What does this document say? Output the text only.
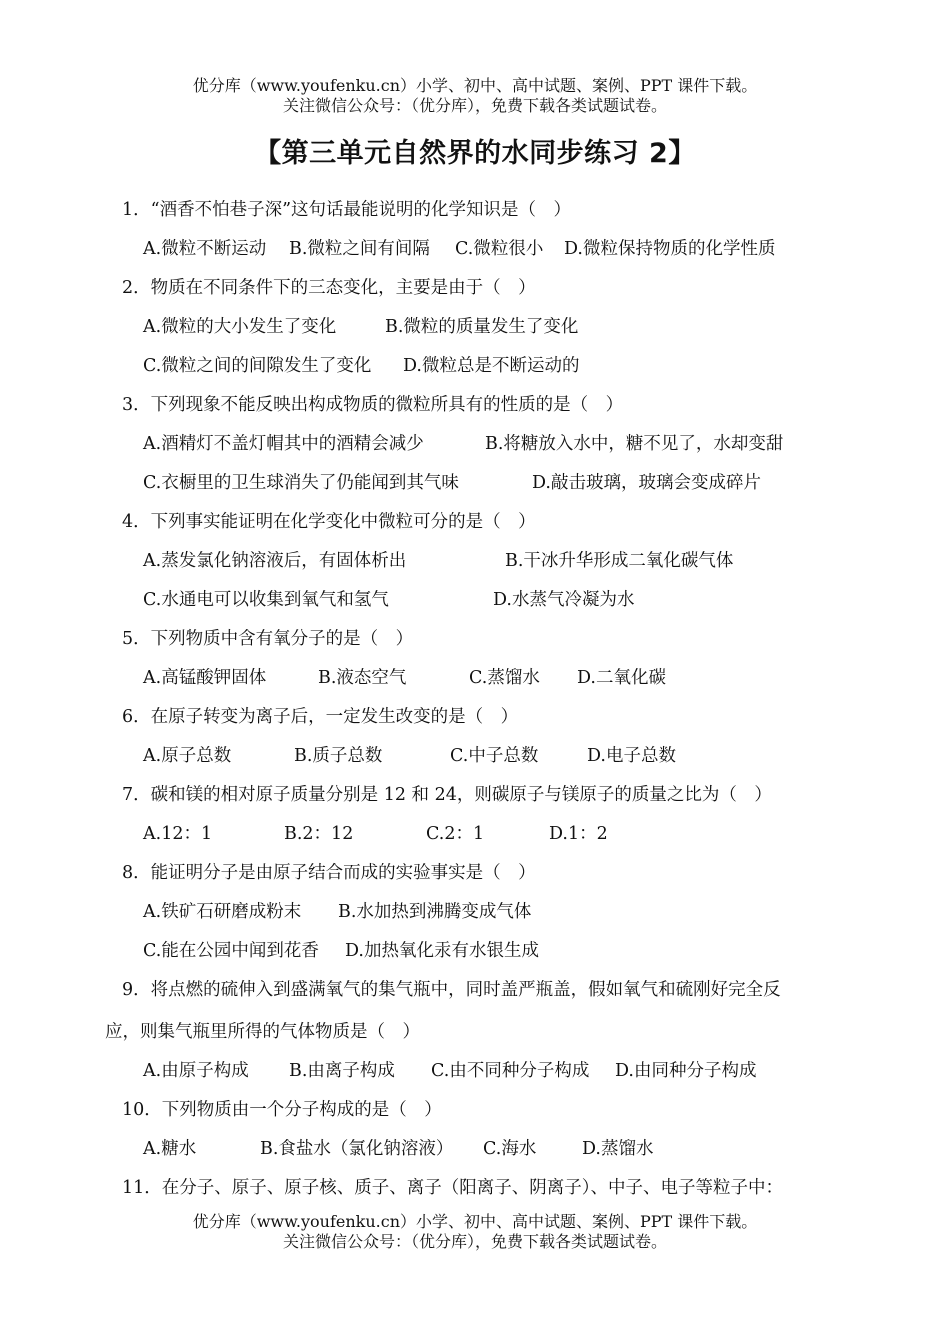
优分库（www.youfenku.cn）小学、初中、高中试题、案例、PPT 课件下载。
关注微信公众号：（优分库），免费下载各类试题试卷。
【第三单元自然界的水同步练习 2】
1．“酒香不怕巷子深”这句话最能说明的化学知识是（　）
A.微粒不断运动 B.微粒之间有间隔 C.微粒很小 D.微粒保持物质的化学性质
2．物质在不同条件下的三态变化，主要是由于（　）
A.微粒的大小发生了变化	B.微粒的质量发生了变化
C.微粒之间的间隙发生了变化 D.微粒总是不断运动的
3．下列现象不能反映出构成物质的微粒所具有的性质的是（　）
A.酒精灯不盖灯帽其中的酒精会减少	B.将糖放入水中，糖不见了，水却变甜
C.衣橱里的卫生球消失了仍能闻到其气味	D.敲击玻璃，玻璃会变成碎片
4．下列事实能证明在化学变化中微粒可分的是（　）
A.蒸发氯化钠溶液后，有固体析出	B.干冰升华形成二氧化碳气体
C.水通电可以收集到氧气和氢气	D.水蒸气冷凝为水
5．下列物质中含有氧分子的是（　）
A.高锰酸钾固体	B.液态空气	C.蒸馏水 D.二氧化碳
6．在原子转变为离子后，一定发生改变的是（　）
A.原子总数	B.质子总数	C.中子总数	D.电子总数
7．碳和镁的相对原子质量分别是 12 和 24，则碳原子与镁原子的质量之比为（　）
A.12：1	B.2：12	C.2：1	D.1：2
8．能证明分子是由原子结合而成的实验事实是（　）
A.铁矿石研磨成粉末 B.水加热到沸腾变成气体
C.能在公园中闻到花香 D.加热氧化汞有水银生成
9．将点燃的硫伸入到盛满氧气的集气瓶中，同时盖严瓶盖，假如氧气和硫刚好完全反
应，则集气瓶里所得的气体物质是（　）
A.由原子构成 B.由离子构成 C.由不同种分子构成 D.由同种分子构成
10．下列物质由一个分子构成的是（　）
A.糖水	B.食盐水（氯化钠溶液） C.海水	D.蒸馏水
11．在分子、原子、原子核、质子、离子（阳离子、阴离子）、中子、电子等粒子中：
优分库（www.youfenku.cn）小学、初中、高中试题、案例、PPT 课件下载。
关注微信公众号：（优分库），免费下载各类试题试卷。
